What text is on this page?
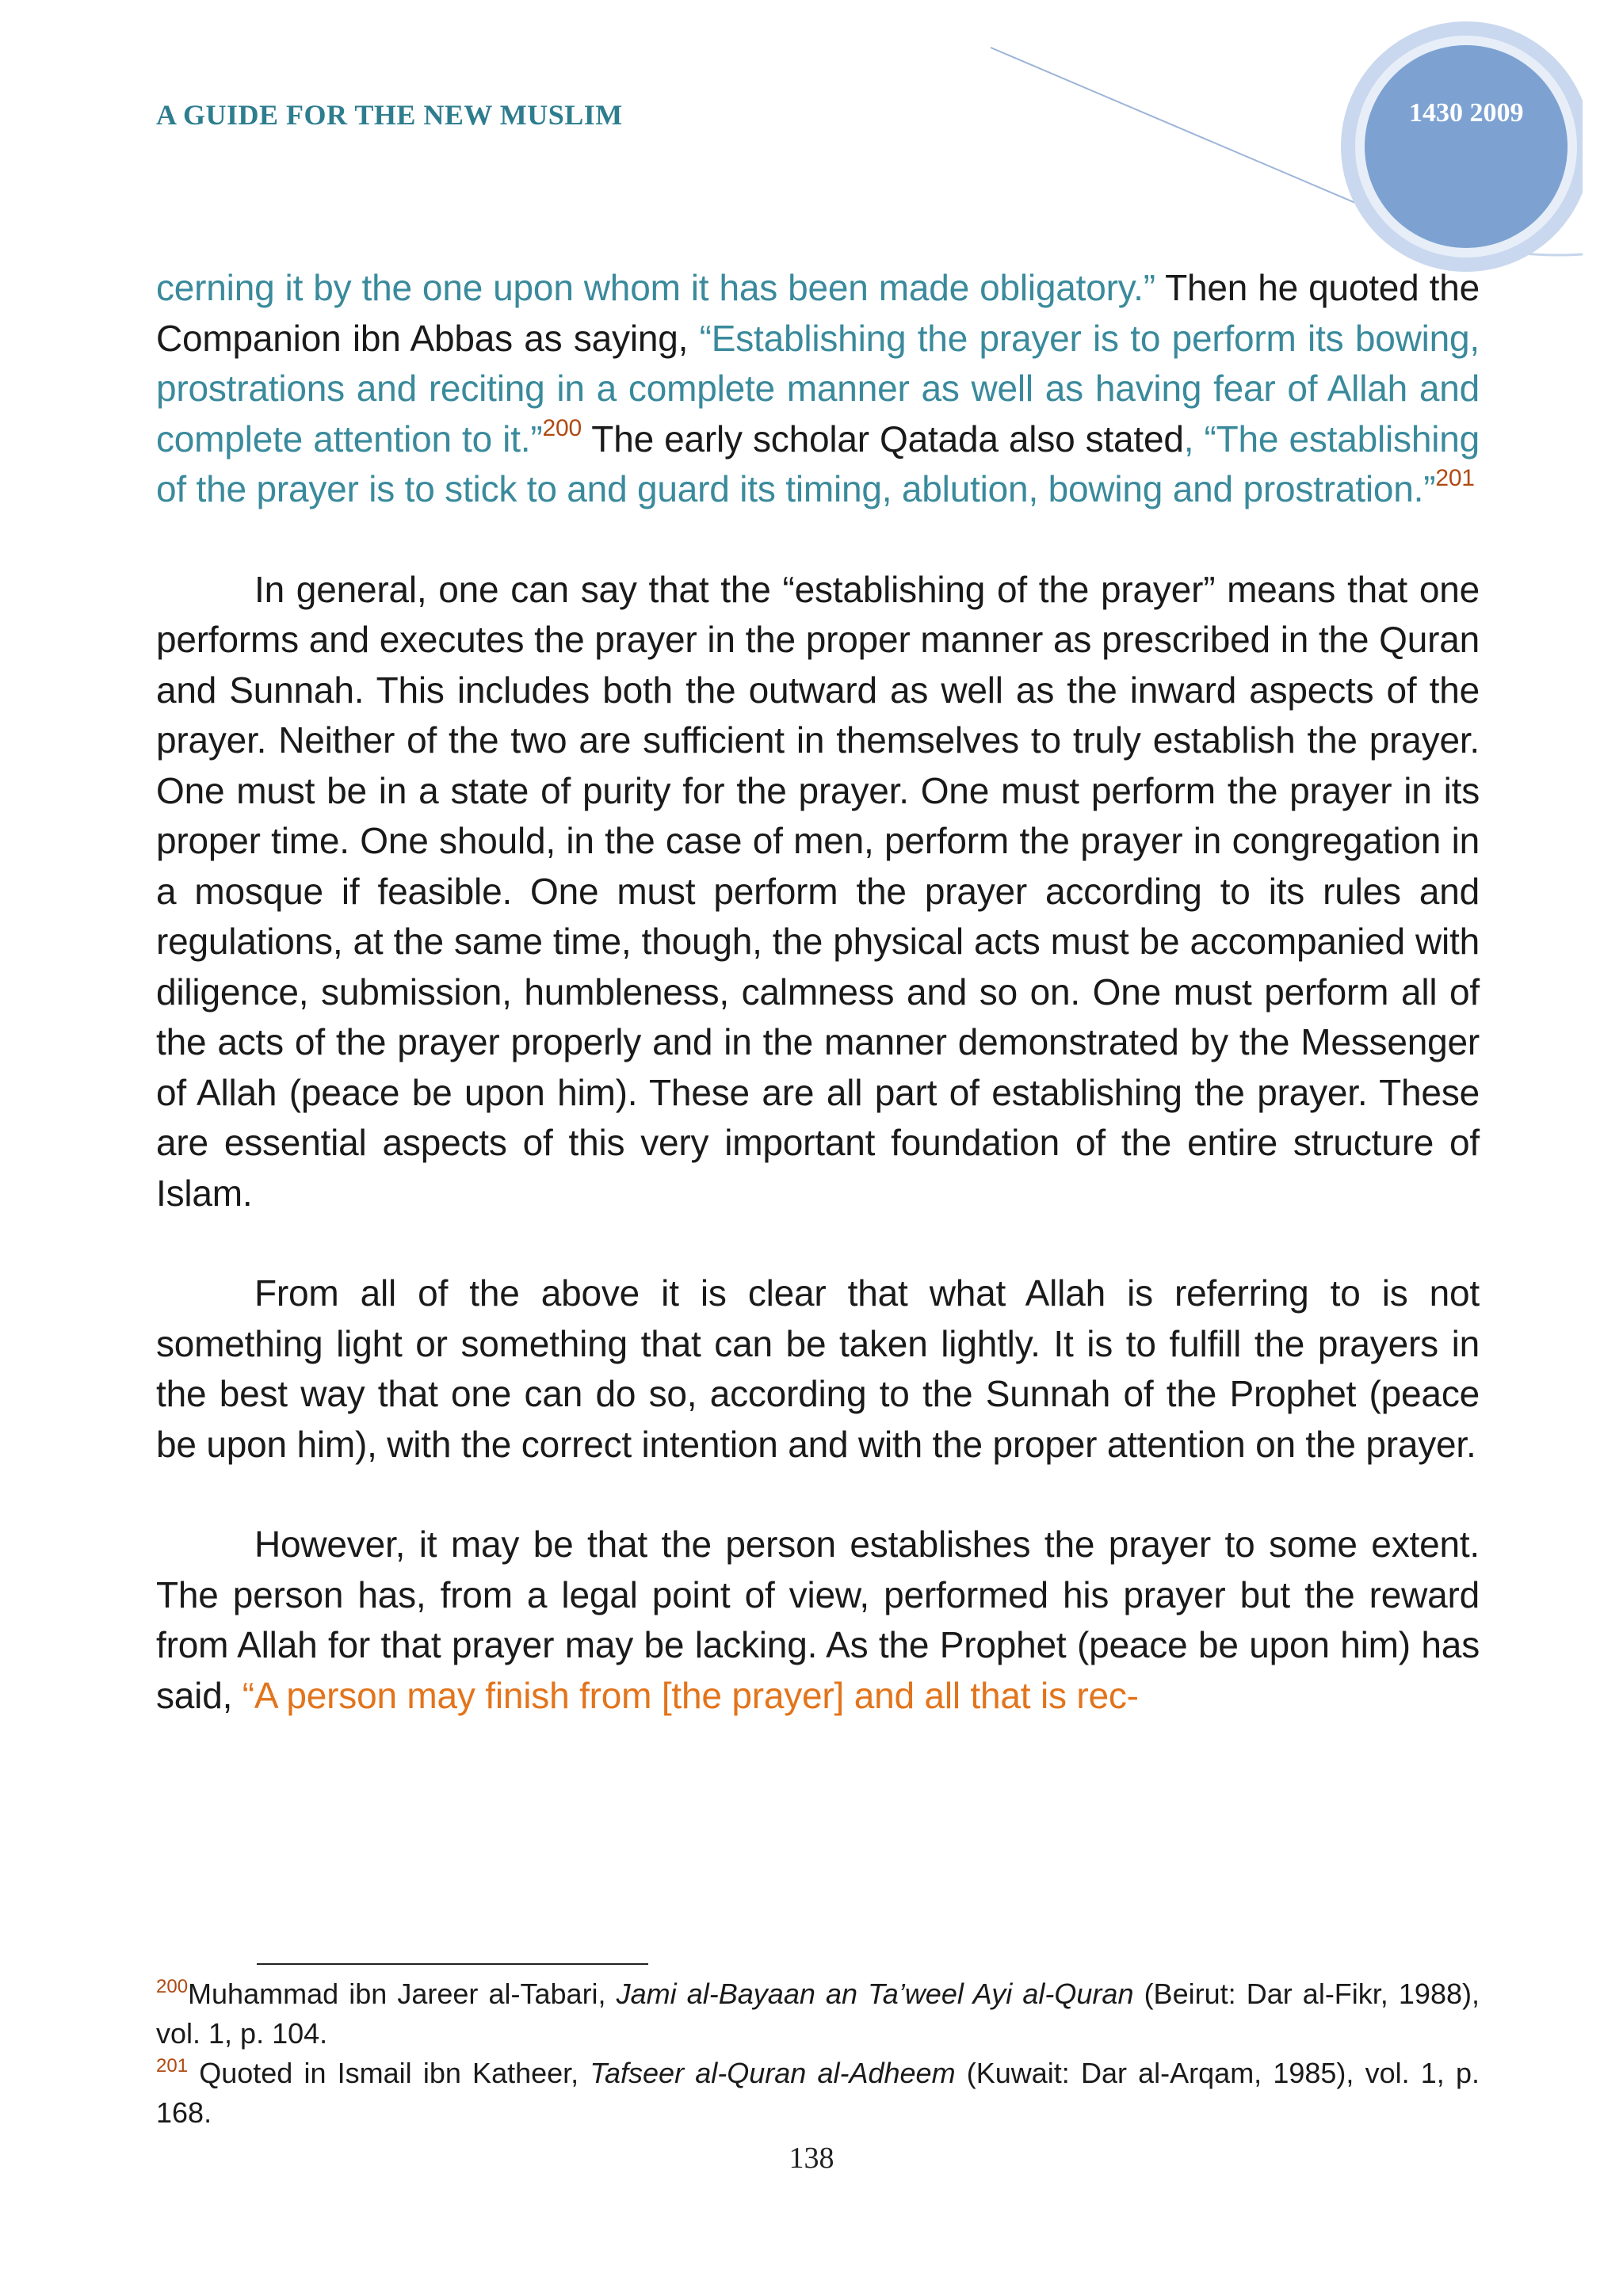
A GUIDE FOR THE NEW MUSLIM	1430 2009

cerning it by the one upon whom it has been made obligatory.” Then he quoted the Companion ibn Abbas as saying, “Establishing the prayer is to perform its bowing, prostrations and reciting in a complete manner as well as having fear of Allah and complete attention to it.”$^{200}$ The early scholar Qatada also stated, “The establishing of the prayer is to stick to and guard its timing, ablution, bowing and prostration.”$^{201}$

In general, one can say that the “establishing of the prayer” means that one performs and executes the prayer in the proper manner as prescribed in the Quran and Sunnah. This includes both the outward as well as the inward aspects of the prayer. Neither of the two are sufficient in themselves to truly establish the prayer. One must be in a state of purity for the prayer. One must perform the prayer in its proper time. One should, in the case of men, perform the prayer in congregation in a mosque if feasible. One must perform the prayer according to its rules and regulations, at the same time, though, the physical acts must be accompanied with diligence, submission, humbleness, calmness and so on. One must perform all of the acts of the prayer properly and in the manner demonstrated by the Messenger of Allah (peace be upon him). These are all part of establishing the prayer. These are essential aspects of this very important foundation of the entire structure of Islam.

From all of the above it is clear that what Allah is referring to is not something light or something that can be taken lightly. It is to fulfill the prayers in the best way that one can do so, according to the Sunnah of the Prophet (peace be upon him), with the correct intention and with the proper attention on the prayer.

However, it may be that the person establishes the prayer to some extent. The person has, from a legal point of view, performed his prayer but the reward from Allah for that prayer may be lacking. As the Prophet (peace be upon him) has said, “A person may finish from [the prayer] and all that is rec-

$^{200}$Muhammad ibn Jareer al-Tabari, Jami al-Bayaan an Ta’weel Ayi al-Quran (Beirut: Dar al-Fikr, 1988), vol. 1, p. 104.

$^{201}$ Quoted in Ismail ibn Katheer, Tafseer al-Quran al-Adheem (Kuwait: Dar al-Arqam, 1985), vol. 1, p. 168.

138
